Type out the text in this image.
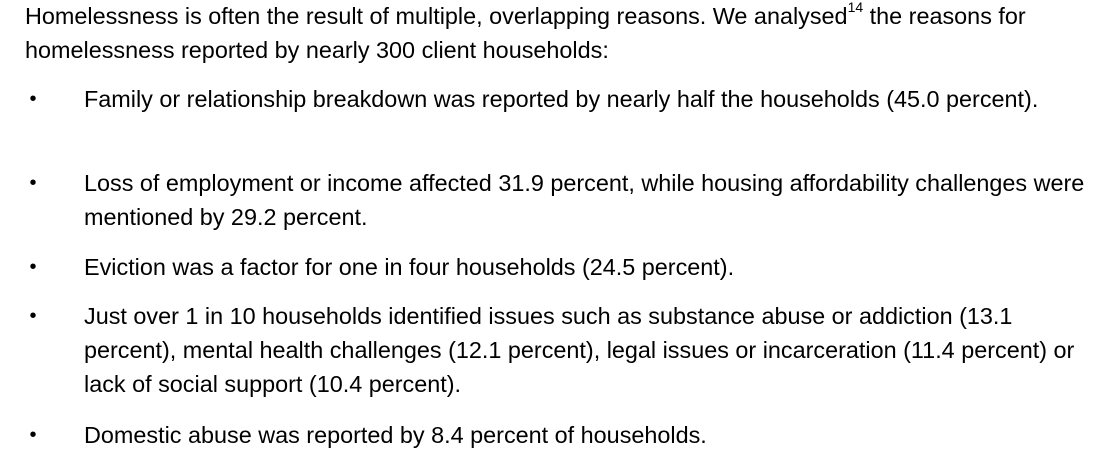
Homelessness is often the result of multiple, overlapping reasons. We analysed$^{14}$ the reasons for homelessness reported by nearly 300 client households:

• Family or relationship breakdown was reported by nearly half the households (45.0 percent).

• Loss of employment or income affected 31.9 percent, while housing affordability challenges were mentioned by 29.2 percent.

• Eviction was a factor for one in four households (24.5 percent).

• Just over 1 in 10 households identified issues such as substance abuse or addiction (13.1 percent), mental health challenges (12.1 percent), legal issues or incarceration (11.4 percent) or lack of social support (10.4 percent).

• Domestic abuse was reported by 8.4 percent of households.
